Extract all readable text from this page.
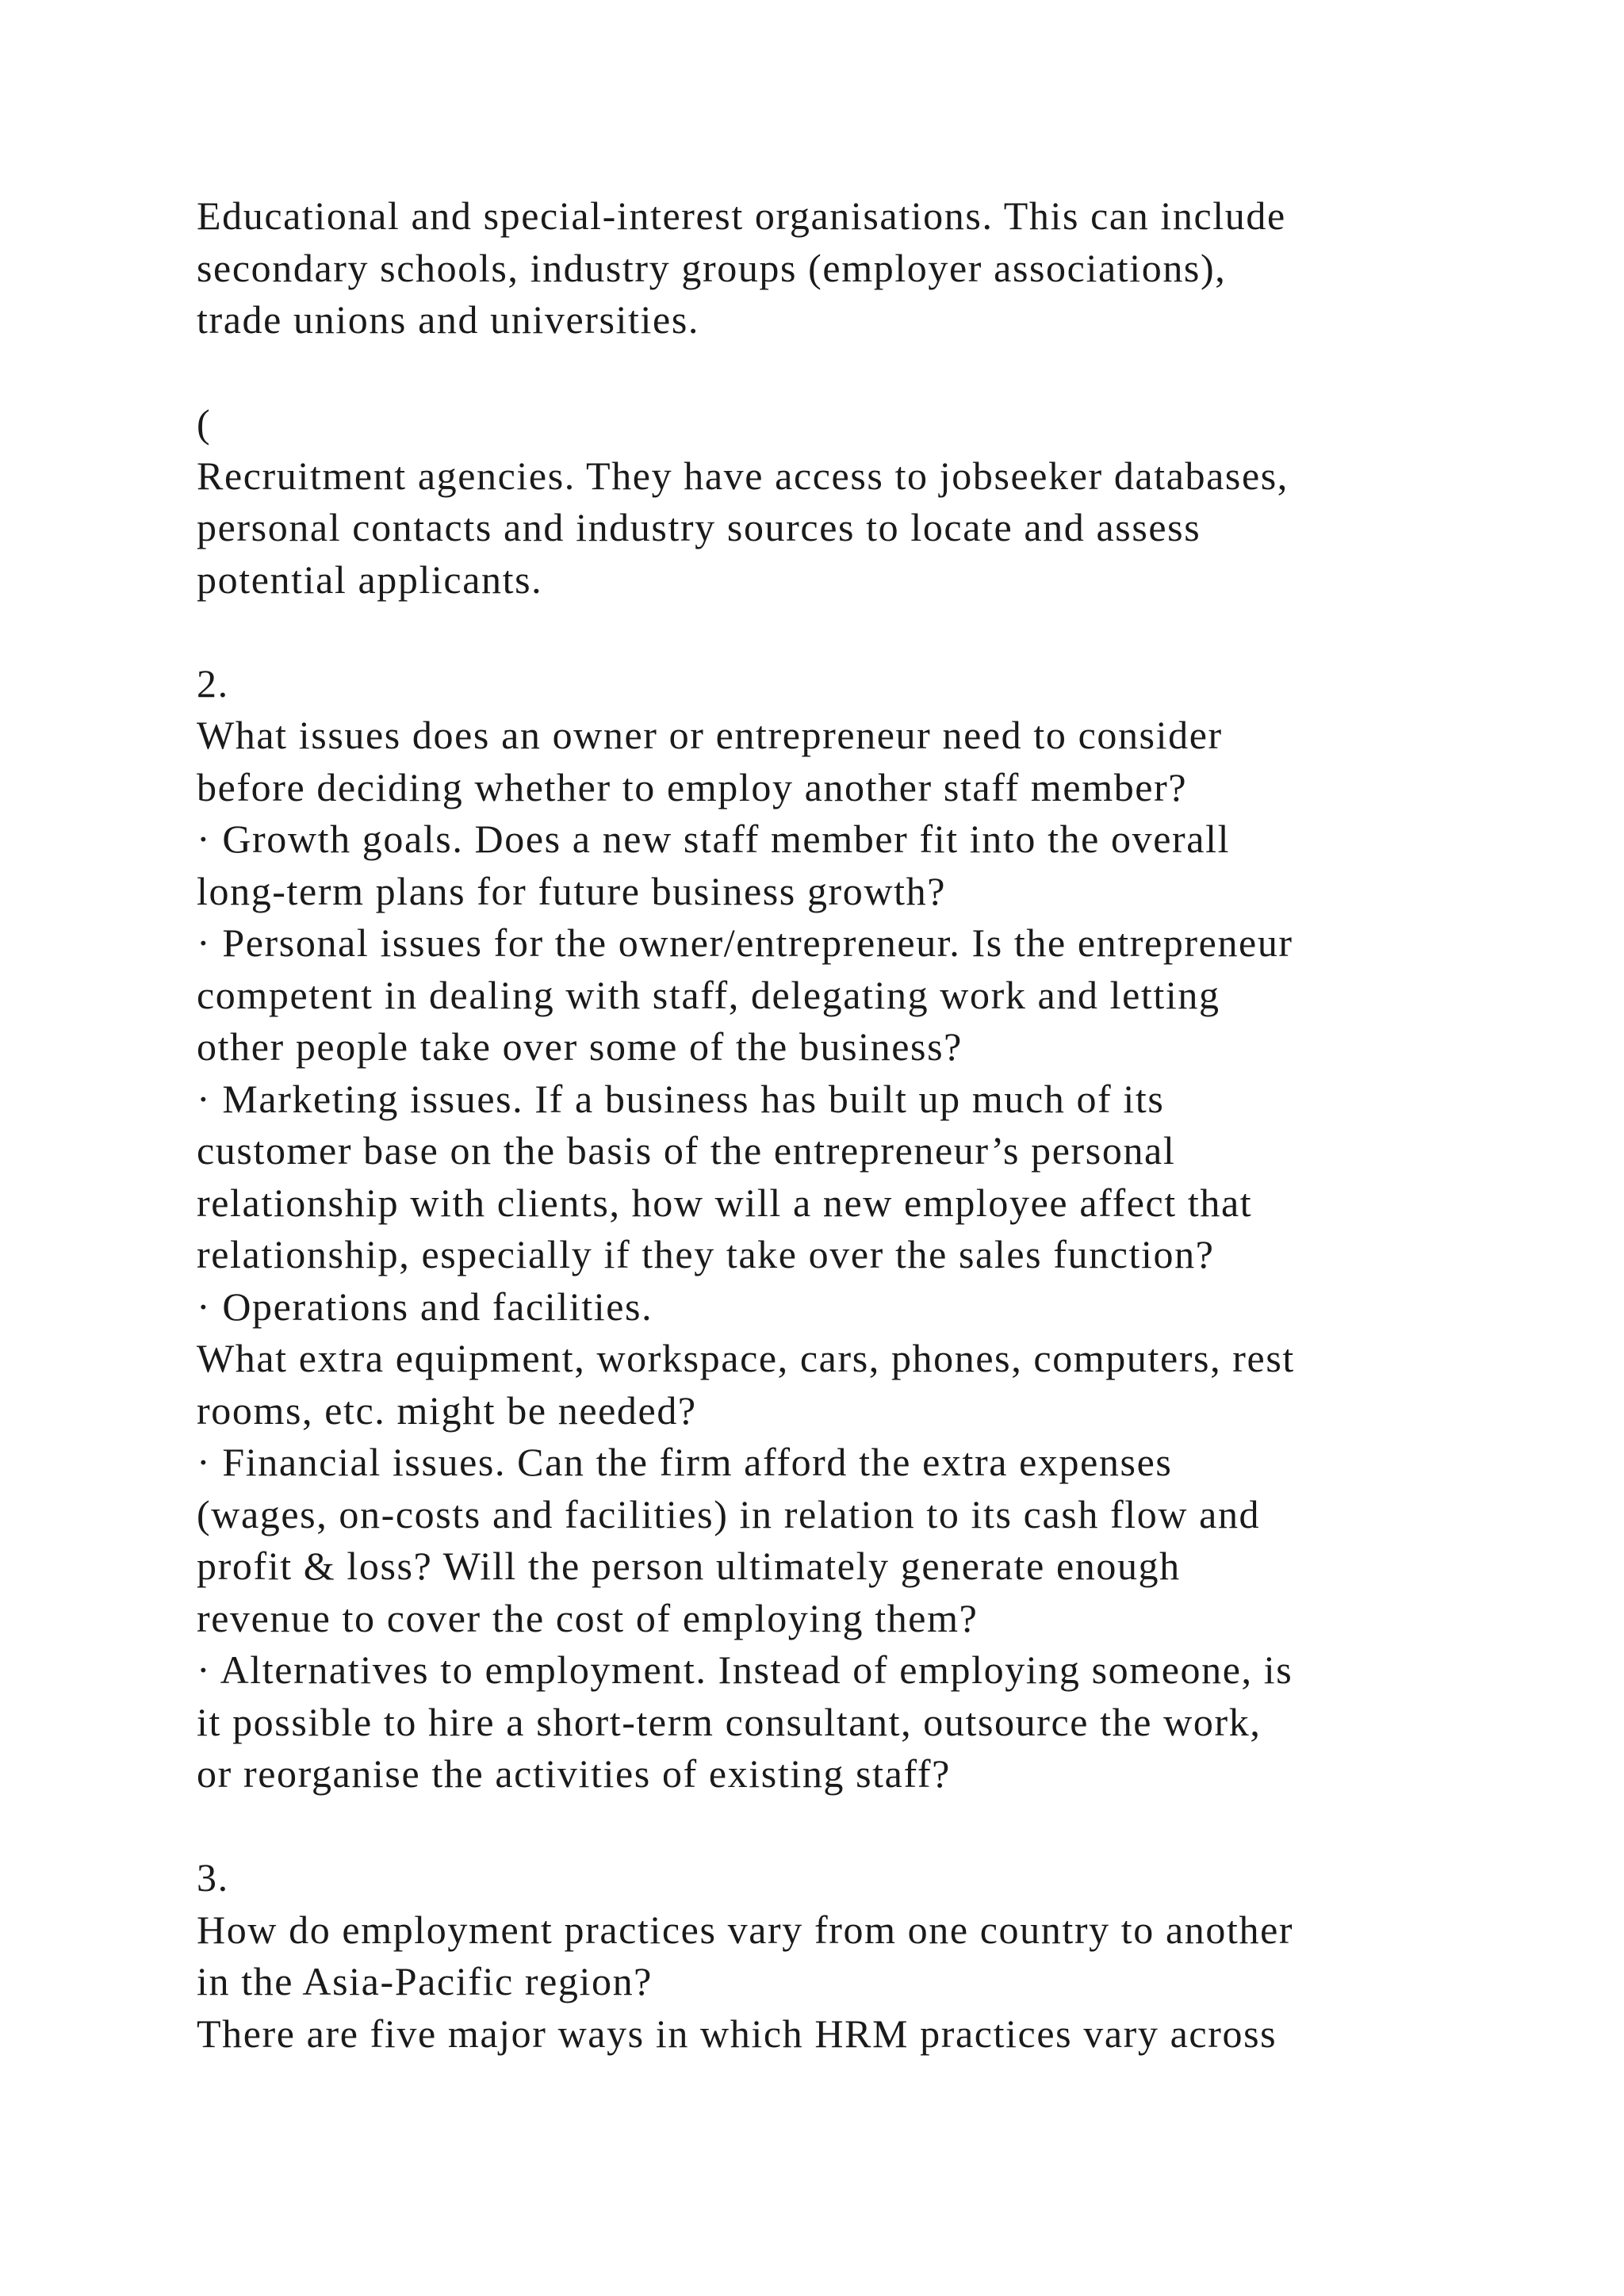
Educational and special-interest organisations. This can include
secondary schools, industry groups (employer associations),
trade unions and universities.
(
Recruitment agencies. They have access to jobseeker databases,
personal contacts and industry sources to locate and assess
potential applicants.
2.
What issues does an owner or entrepreneur need to consider
before deciding whether to employ another staff member?
· Growth goals. Does a new staff member fit into the overall
long-term plans for future business growth?
· Personal issues for the owner/entrepreneur. Is the entrepreneur
competent in dealing with staff, delegating work and letting
other people take over some of the business?
· Marketing issues. If a business has built up much of its
customer base on the basis of the entrepreneur’s personal
relationship with clients, how will a new employee affect that
relationship, especially if they take over the sales function?
· Operations and facilities.
What extra equipment, workspace, cars, phones, computers, rest
rooms, etc. might be needed?
· Financial issues. Can the firm afford the extra expenses
(wages, on-costs and facilities) in relation to its cash flow and
profit & loss? Will the person ultimately generate enough
revenue to cover the cost of employing them?
· Alternatives to employment. Instead of employing someone, is
it possible to hire a short-term consultant, outsource the work,
or reorganise the activities of existing staff?
3.
How do employment practices vary from one country to another
in the Asia-Pacific region?
There are five major ways in which HRM practices vary across
